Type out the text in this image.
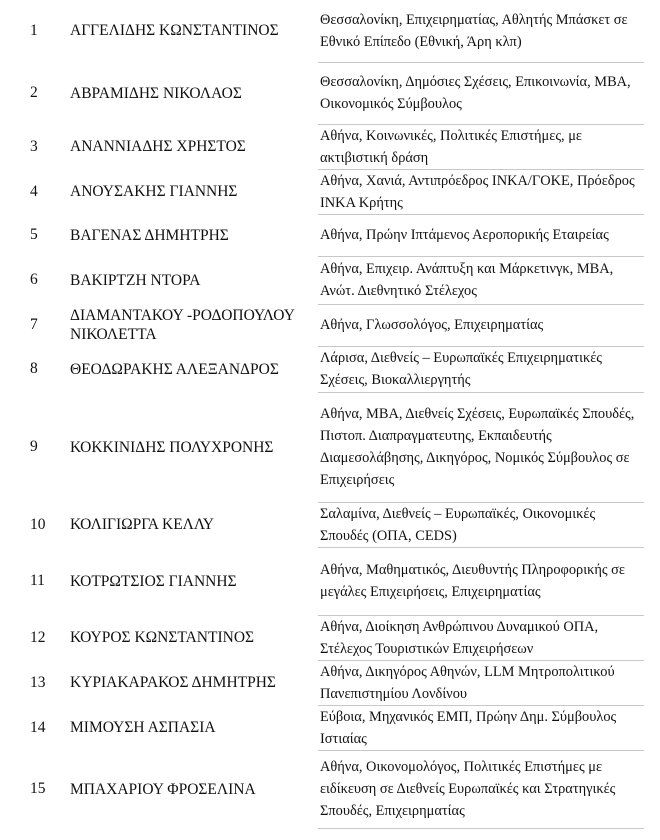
1	ΑΓΓΕΛΙΔΗΣ ΚΩΝΣΤΑΝΤΙΝΟΣ	Θεσσαλονίκη, Επιχειρηματίας, Αθλητής Μπάσκετ σε Εθνικό Επίπεδο (Εθνική, Άρη κλπ)
2	ΑΒΡΑΜΙΔΗΣ ΝΙΚΟΛΑΟΣ	Θεσσαλονίκη, Δημόσιες Σχέσεις, Επικοινωνία, ΜΒΑ, Οικονομικός Σύμβουλος
3	ΑΝΑΝΝΙΑΔΗΣ ΧΡΗΣΤΟΣ	Αθήνα, Κοινωνικές, Πολιτικές Επιστήμες, με ακτιβιστική δράση
4	ΑΝΟΥΣΑΚΗΣ ΓΙΑΝΝΗΣ	Αθήνα, Χανιά, Αντιπρόεδρος ΙΝΚΑ/ΓΟΚΕ, Πρόεδρος ΙΝΚΑ Κρήτης
5	ΒΑΓΕΝΑΣ ΔΗΜΗΤΡΗΣ	Αθήνα, Πρώην Ιπτάμενος Αεροπορικής Εταιρείας
6	ΒΑΚΙΡΤΖΗ ΝΤΟΡΑ	Αθήνα, Επιχειρ. Ανάπτυξη και Μάρκετινγκ, ΜΒΑ, Ανώτ. Διεθνητικό Στέλεχος
7	ΔΙΑΜΑΝΤΑΚΟΥ -ΡΟΔΟΠΟΥΛΟΥ ΝΙΚΟΛΕΤΤΑ	Αθήνα, Γλωσσολόγος, Επιχειρηματίας
8	ΘΕΟΔΩΡΑΚΗΣ ΑΛΕΞΑΝΔΡΟΣ	Λάρισα, Διεθνείς – Ευρωπαϊκές Επιχειρηματικές Σχέσεις, Βιοκαλλιεργητής
9	ΚΟΚΚΙΝΙΔΗΣ ΠΟΛΥΧΡΟΝΗΣ	Αθήνα, ΜΒΑ, Διεθνείς Σχέσεις, Ευρωπαϊκές Σπουδές, Πιστοπ. Διαπραγματευτης, Εκπαιδευτής Διαμεσολάβησης, Δικηγόρος, Νομικός Σύμβουλος σε Επιχειρήσεις
10	ΚΟΛΙΓΙΩΡΓΑ ΚΕΛΛΥ	Σαλαμίνα, Διεθνείς – Ευρωπαϊκές, Οικονομικές Σπουδές (ΟΠΑ, CEDS)
11	ΚΟΤΡΩΤΣΙΟΣ ΓΙΑΝΝΗΣ	Αθήνα, Μαθηματικός, Διευθυντής Πληροφορικής σε μεγάλες Επιχειρήσεις, Επιχειρηματίας
12	ΚΟΥΡΟΣ ΚΩΝΣΤΑΝΤΙΝΟΣ	Αθήνα, Διοίκηση Ανθρώπινου Δυναμικού ΟΠΑ, Στέλεχος Τουριστικών Επιχειρήσεων
13	ΚΥΡΙΑΚΑΡΑΚΟΣ ΔΗΜΗΤΡΗΣ	Αθήνα, Δικηγόρος Αθηνών, LLM Μητροπολιτικού Πανεπιστημίου Λονδίνου
14	ΜΙΜΟΥΣΗ ΑΣΠΑΣΙΑ	Εύβοια, Μηχανικός ΕΜΠ, Πρώην Δημ. Σύμβουλος Ιστιαίας
15	ΜΠΑΧΑΡΙΟΥ ΦΡΟΣΕΛΙΝΑ	Αθήνα, Οικονομολόγος, Πολιτικές Επιστήμες με ειδίκευση σε Διεθνείς Ευρωπαϊκές και Στρατηγικές Σπουδές, Επιχειρηματίας
